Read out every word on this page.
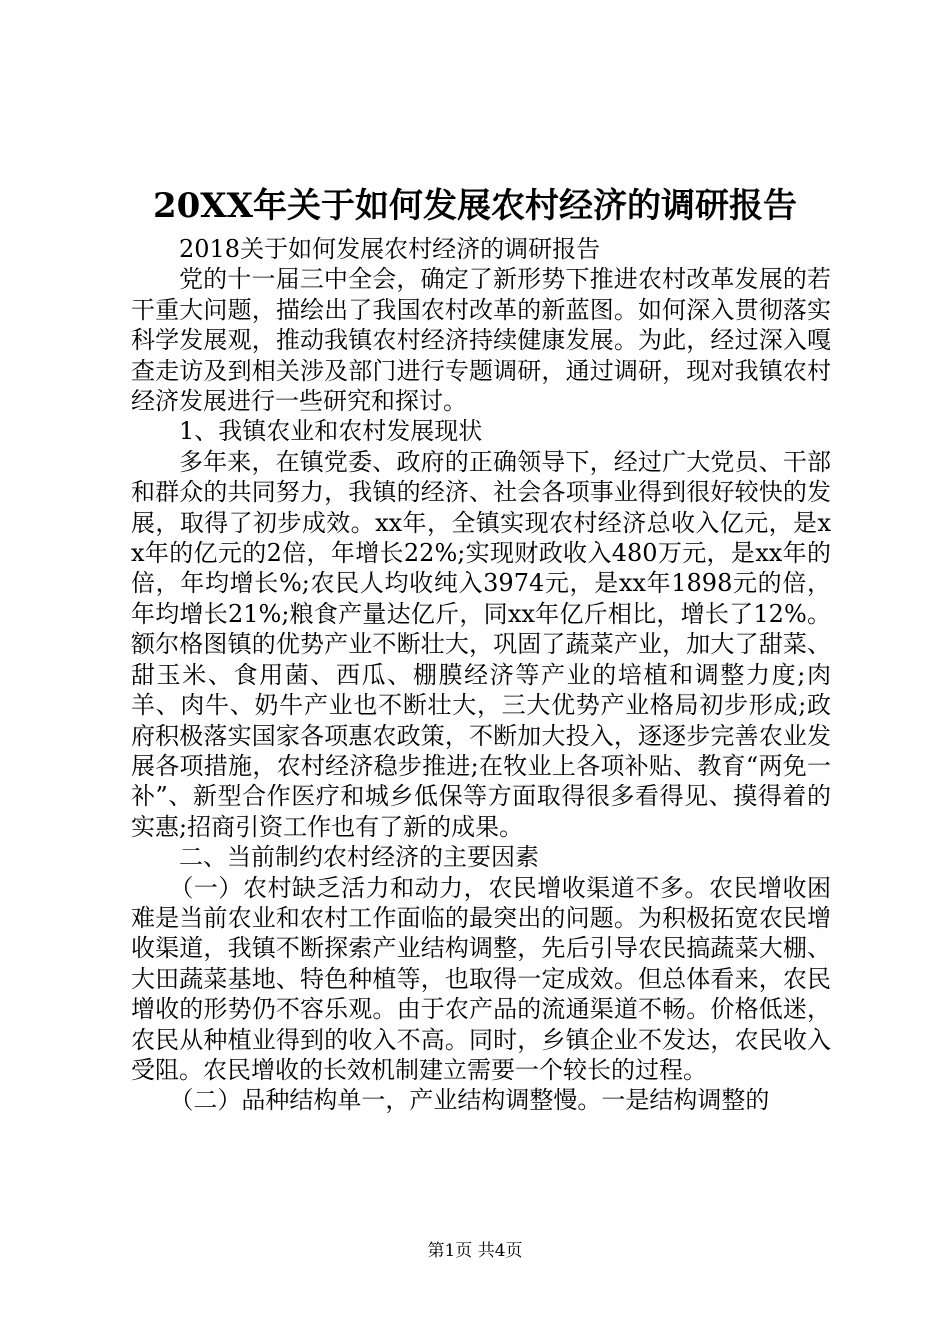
20XX年关于如何发展农村经济的调研报告

2018关于如何发展农村经济的调研报告

党的十一届三中全会，确定了新形势下推进农村改革发展的若干重大问题，描绘出了我国农村改革的新蓝图。如何深入贯彻落实科学发展观，推动我镇农村经济持续健康发展。为此，经过深入嘎查走访及到相关涉及部门进行专题调研，通过调研，现对我镇农村经济发展进行一些研究和探讨。

1、我镇农业和农村发展现状

多年来，在镇党委、政府的正确领导下，经过广大党员、干部和群众的共同努力，我镇的经济、社会各项事业得到很好较快的发展，取得了初步成效。xx年，全镇实现农村经济总收入亿元，是xx年的亿元的2倍，年增长22%;实现财政收入480万元，是xx年的倍，年均增长%;农民人均收纯入3974元，是xx年1898元的倍，年均增长21%;粮食产量达亿斤，同xx年亿斤相比，增长了12%。额尔格图镇的优势产业不断壮大，巩固了蔬菜产业，加大了甜菜、甜玉米、食用菌、西瓜、棚膜经济等产业的培植和调整力度;肉羊、肉牛、奶牛产业也不断壮大，三大优势产业格局初步形成;政府积极落实国家各项惠农政策，不断加大投入，逐逐步完善农业发展各项措施，农村经济稳步推进;在牧业上各项补贴、教育“两免一补”、新型合作医疗和城乡低保等方面取得很多看得见、摸得着的实惠;招商引资工作也有了新的成果。

二、当前制约农村经济的主要因素

（一）农村缺乏活力和动力，农民增收渠道不多。农民增收困难是当前农业和农村工作面临的最突出的问题。为积极拓宽农民增收渠道，我镇不断探索产业结构调整，先后引导农民搞蔬菜大棚、大田蔬菜基地、特色种植等，也取得一定成效。但总体看来，农民增收的形势仍不容乐观。由于农产品的流通渠道不畅。价格低迷，农民从种植业得到的收入不高。同时，乡镇企业不发达，农民收入受阻。农民增收的长效机制建立需要一个较长的过程。

（二）品种结构单一，产业结构调整慢。一是结构调整的

第1页 共4页
